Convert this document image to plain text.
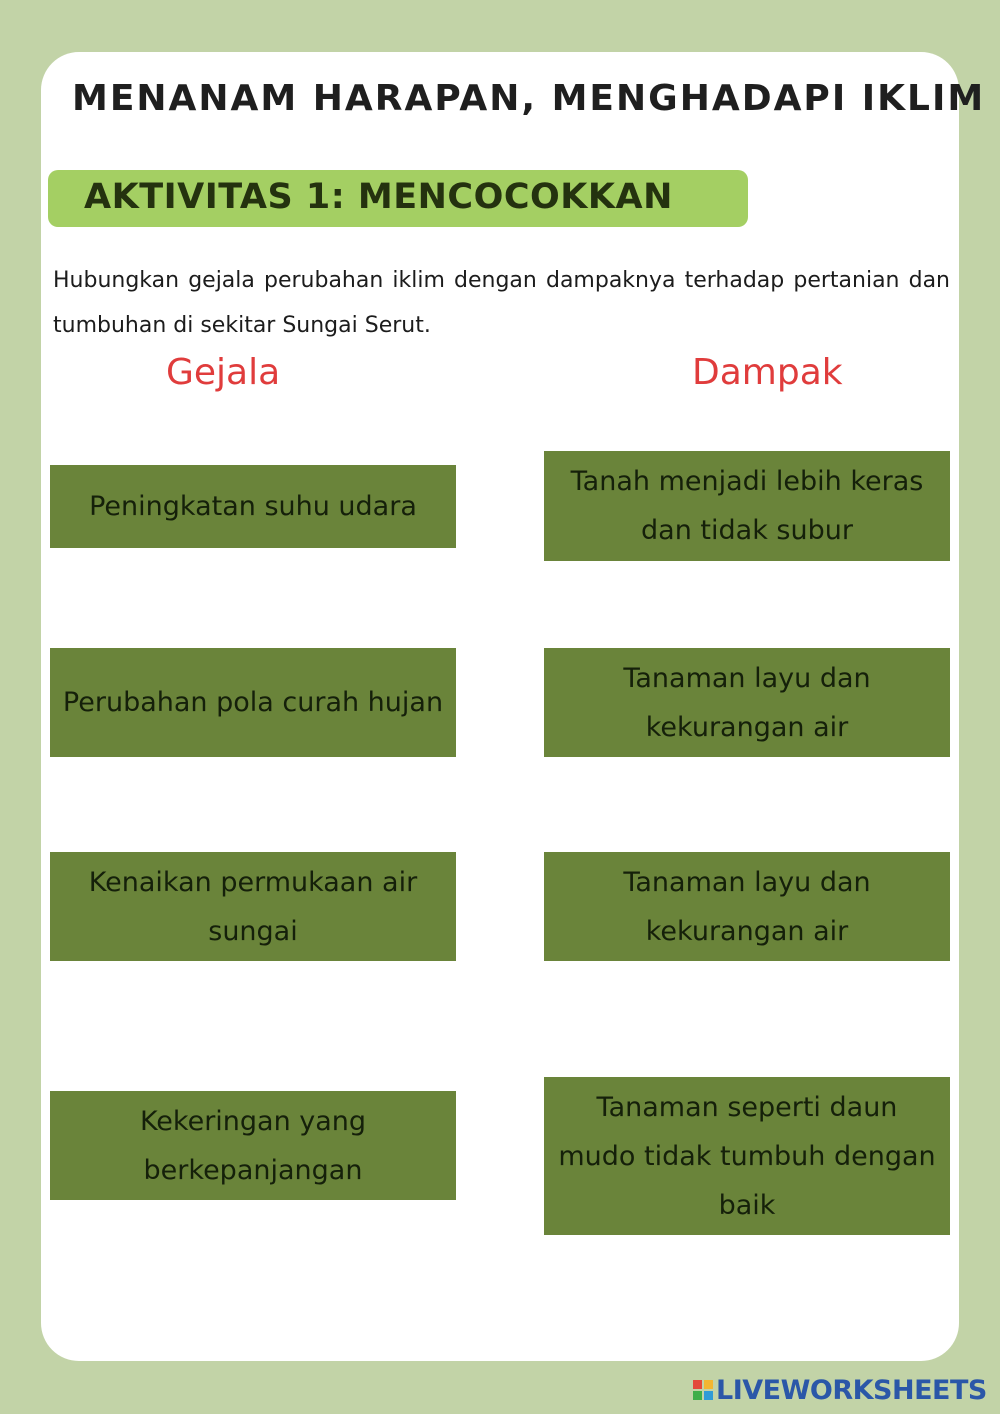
MENANAM HARAPAN, MENGHADAPI IKLIM
AKTIVITAS 1: MENCOCOKKAN

Hubungkan gejala perubahan iklim dengan dampaknya terhadap pertanian dan tumbuhan di sekitar Sungai Serut.

Gejala	Dampak
Peningkatan suhu udara
Perubahan pola curah hujan
Kenaikan permukaan air sungai
Kekeringan yang berkepanjangan
Tanah menjadi lebih keras dan tidak subur
Tanaman layu dan kekurangan air
Tanaman layu dan kekurangan air
Tanaman seperti daun mudo tidak tumbuh dengan baik
LIVEWORKSHEETS
